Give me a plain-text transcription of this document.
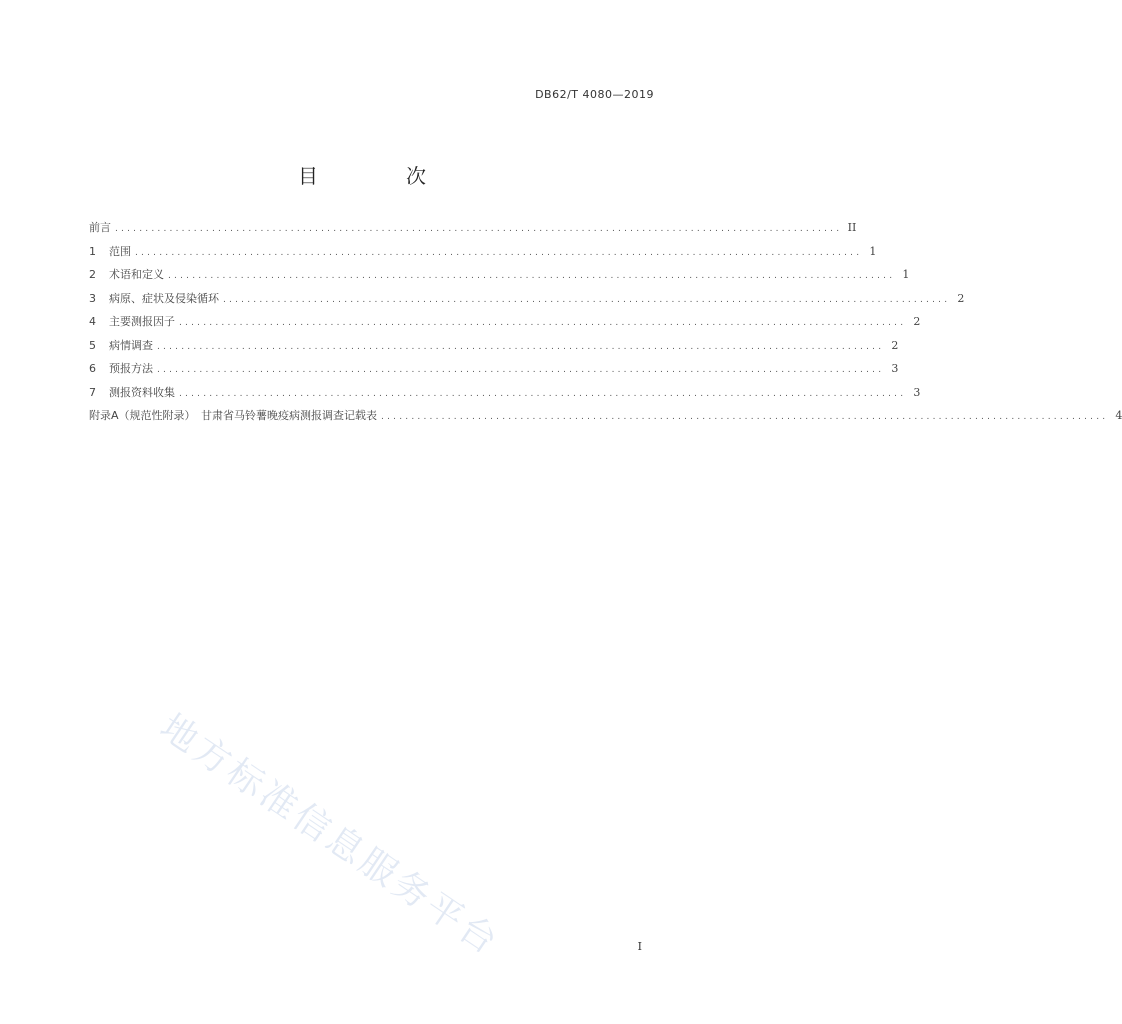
DB62/T 4080—2019
目　次
前言 ........................................................................................................................ II
1	范围 ........................................................................................................................ 1
2	术语和定义 ........................................................................................................................ 1
3	病原、症状及侵染循环 ........................................................................................................................ 2
4	主要测报因子 ........................................................................................................................ 2
5	病情调查 ........................................................................................................................ 2
6	预报方法 ........................................................................................................................ 3
7	测报资料收集 ........................................................................................................................ 3
附录A（规范性附录）　甘肃省马铃薯晚疫病测报调查记载表 ........................................................................................................................ 4
地方标准信息服务平台	I
